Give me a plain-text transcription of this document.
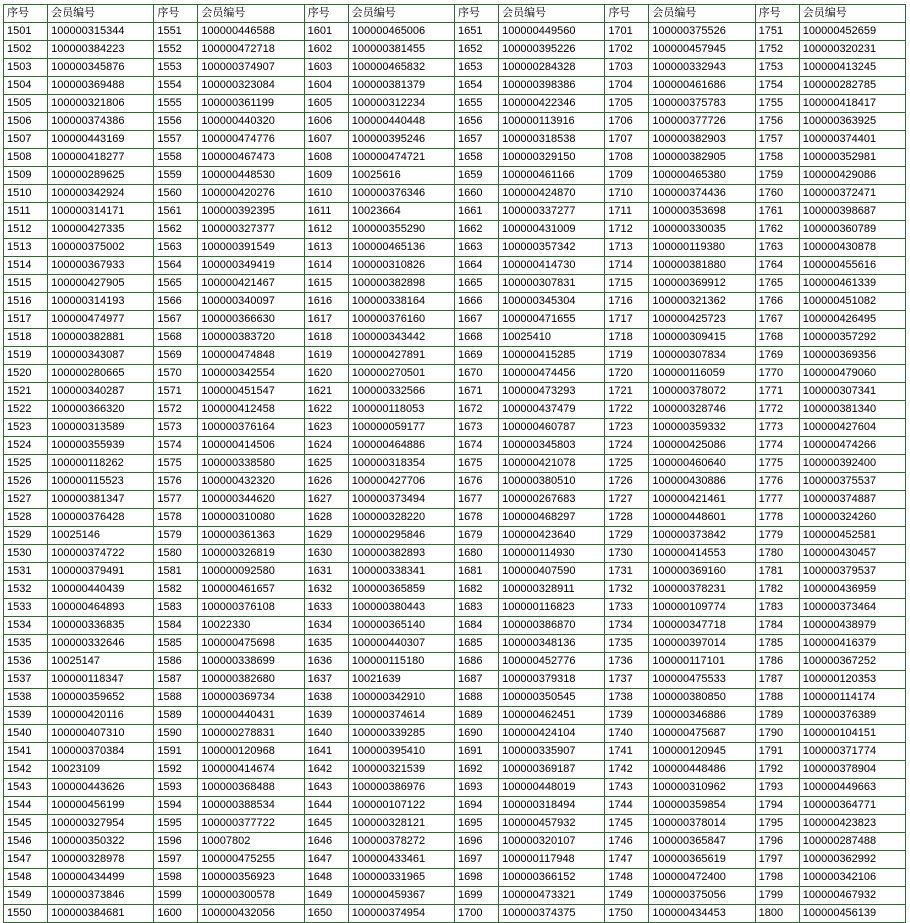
序号	会员编号	序号	会员编号	序号	会员编号	序号	会员编号	序号	会员编号	序号	会员编号
1501	100000315344	1551	100000446588	1601	100000465006	1651	100000449560	1701	100000375526	1751	100000452659
1502	100000384223	1552	100000472718	1602	100000381455	1652	100000395226	1702	100000457945	1752	100000320231
1503	100000345876	1553	100000374907	1603	100000465832	1653	100000284328	1703	100000332943	1753	100000413245
1504	100000369488	1554	100000323084	1604	100000381379	1654	100000398386	1704	100000461686	1754	100000282785
1505	100000321806	1555	100000361199	1605	100000312234	1655	100000422346	1705	100000375783	1755	100000418417
1506	100000374386	1556	100000440320	1606	100000440448	1656	100000113916	1706	100000377726	1756	100000363925
1507	100000443169	1557	100000474776	1607	100000395246	1657	100000318538	1707	100000382903	1757	100000374401
1508	100000418277	1558	100000467473	1608	100000474721	1658	100000329150	1708	100000382905	1758	100000352981
1509	100000289625	1559	100000448530	1609	10025616	1659	100000461166	1709	100000465380	1759	100000429086
1510	100000342924	1560	100000420276	1610	100000376346	1660	100000424870	1710	100000374436	1760	100000372471
1511	100000314171	1561	100000392395	1611	10023664	1661	100000337277	1711	100000353698	1761	100000398687
1512	100000427335	1562	100000327377	1612	100000355290	1662	100000431009	1712	100000330035	1762	100000360789
1513	100000375002	1563	100000391549	1613	100000465136	1663	100000357342	1713	100000119380	1763	100000430878
1514	100000367933	1564	100000349419	1614	100000310826	1664	100000414730	1714	100000381880	1764	100000455616
1515	100000427905	1565	100000421467	1615	100000382898	1665	100000307831	1715	100000369912	1765	100000461339
1516	100000314193	1566	100000340097	1616	100000338164	1666	100000345304	1716	100000321362	1766	100000451082
1517	100000474977	1567	100000366630	1617	100000376160	1667	100000471655	1717	100000425723	1767	100000426495
1518	100000382881	1568	100000383720	1618	100000343442	1668	10025410	1718	100000309415	1768	100000357292
1519	100000343087	1569	100000474848	1619	100000427891	1669	100000415285	1719	100000307834	1769	100000369356
1520	100000280665	1570	100000342554	1620	100000270501	1670	100000474456	1720	100000116059	1770	100000479060
1521	100000340287	1571	100000451547	1621	100000332566	1671	100000473293	1721	100000378072	1771	100000307341
1522	100000366320	1572	100000412458	1622	100000118053	1672	100000437479	1722	100000328746	1772	100000381340
1523	100000313589	1573	100000376164	1623	100000059177	1673	100000460787	1723	100000359332	1773	100000427604
1524	100000355939	1574	100000414506	1624	100000464886	1674	100000345803	1724	100000425086	1774	100000474266
1525	100000118262	1575	100000338580	1625	100000318354	1675	100000421078	1725	100000460640	1775	100000392400
1526	100000115523	1576	100000432320	1626	100000427706	1676	100000380510	1726	100000430886	1776	100000375537
1527	100000381347	1577	100000344620	1627	100000373494	1677	100000267683	1727	100000421461	1777	100000374887
1528	100000376428	1578	100000310080	1628	100000328220	1678	100000468297	1728	100000448601	1778	100000324260
1529	10025146	1579	100000361363	1629	100000295846	1679	100000423640	1729	100000373842	1779	100000452581
1530	100000374722	1580	100000326819	1630	100000382893	1680	100000114930	1730	100000414553	1780	100000430457
1531	100000379491	1581	100000092580	1631	100000338341	1681	100000407590	1731	100000369160	1781	100000379537
1532	100000440439	1582	100000461657	1632	100000365859	1682	100000328911	1732	100000378231	1782	100000436959
1533	100000464893	1583	100000376108	1633	100000380443	1683	100000116823	1733	100000109774	1783	100000373464
1534	100000336835	1584	10022330	1634	100000365140	1684	100000386870	1734	100000347718	1784	100000438979
1535	100000332646	1585	100000475698	1635	100000440307	1685	100000348136	1735	100000397014	1785	100000416379
1536	10025147	1586	100000338699	1636	100000115180	1686	100000452776	1736	100000117101	1786	100000367252
1537	100000118347	1587	100000382680	1637	10021639	1687	100000379318	1737	100000475533	1787	100000120353
1538	100000359652	1588	100000369734	1638	100000342910	1688	100000350545	1738	100000380850	1788	100000114174
1539	100000420116	1589	100000440431	1639	100000374614	1689	100000462451	1739	100000346886	1789	100000376389
1540	100000407310	1590	100000278831	1640	100000339285	1690	100000424104	1740	100000475687	1790	100000104151
1541	100000370384	1591	100000120968	1641	100000395410	1691	100000335907	1741	100000120945	1791	100000371774
1542	10023109	1592	100000414674	1642	100000321539	1692	100000369187	1742	100000448486	1792	100000378904
1543	100000443626	1593	100000368488	1643	100000386976	1693	100000448019	1743	100000310962	1793	100000449663
1544	100000456199	1594	100000388534	1644	100000107122	1694	100000318494	1744	100000359854	1794	100000364771
1545	100000327954	1595	100000377722	1645	100000328121	1695	100000457932	1745	100000378014	1795	100000423823
1546	100000350322	1596	10007802	1646	100000378272	1696	100000320107	1746	100000365847	1796	100000287488
1547	100000328978	1597	100000475255	1647	100000433461	1697	100000117948	1747	100000365619	1797	100000362992
1548	100000434499	1598	100000356923	1648	100000331965	1698	100000366152	1748	100000472400	1798	100000342106
1549	100000373846	1599	100000300578	1649	100000459367	1699	100000473321	1749	100000375056	1799	100000467932
1550	100000384681	1600	100000432056	1650	100000374954	1700	100000374375	1750	100000434453	1800	100000456139
